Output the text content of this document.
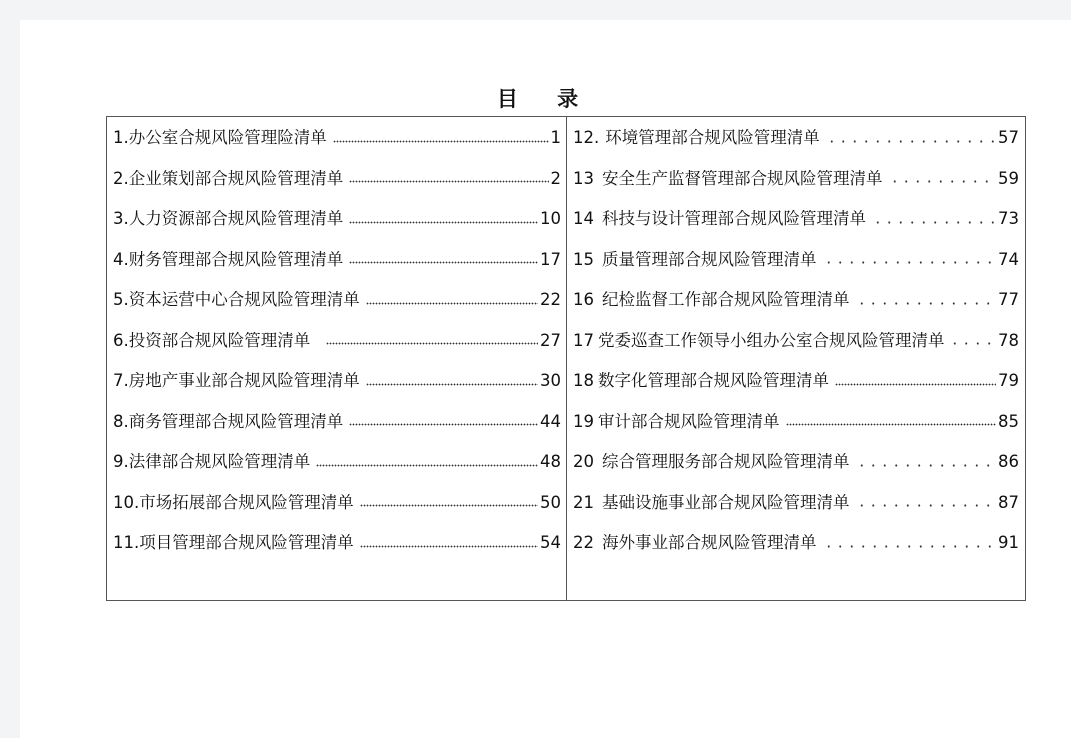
目 录
1. 办公室合规风险管理险清单	1
2. 企业策划部合规风险管理清单	2
3. 人力资源部合规风险管理清单	10
4. 财务管理部合规风险管理清单	17
5. 资本运营中心合规风险管理清单	22
6. 投资部合规风险管理清单	27
7. 房地产事业部合规风险管理清单	30
8. 商务管理部合规风险管理清单	44
9. 法律部合规风险管理清单	48
10. 市场拓展部合规风险管理清单	50
11. 项目管理部合规风险管理清单	54
12. 环境管理部合规风险管理清单	57
13 安全生产监督管理部合规风险管理清单	59
14 科技与设计管理部合规风险管理清单	73
15 质量管理部合规风险管理清单	74
16 纪检监督工作部合规风险管理清单	77
17 党委巡查工作领导小组办公室合规风险管理清单	78
18 数字化管理部合规风险管理清单	79
19 审计部合规风险管理清单	85
20 综合管理服务部合规风险管理清单	86
21 基础设施事业部合规风险管理清单	87
22 海外事业部合规风险管理清单	91
